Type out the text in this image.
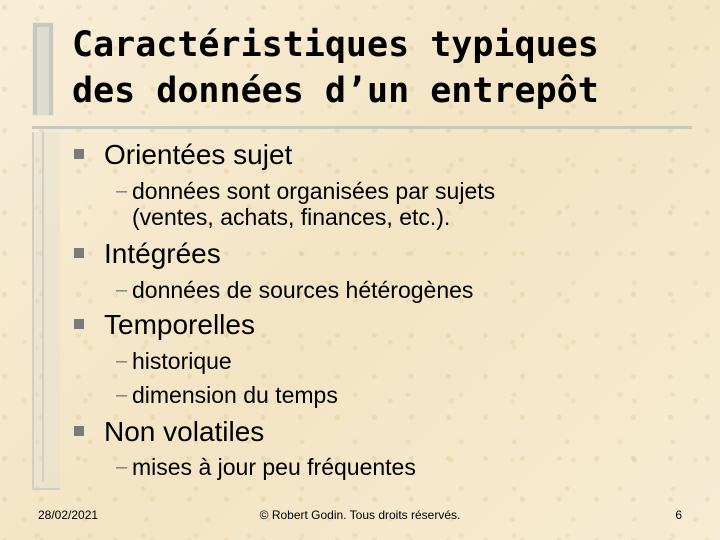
Caractéristiques typiques
des données d’un entrepôt
Orientées sujet
– données sont organisées par sujets
(ventes, achats, finances, etc.).
Intégrées
– données de sources hétérogènes
Temporelles
– historique
– dimension du temps
Non volatiles
– mises à jour peu fréquentes
28/02/2021	© Robert Godin. Tous droits réservés.	6
